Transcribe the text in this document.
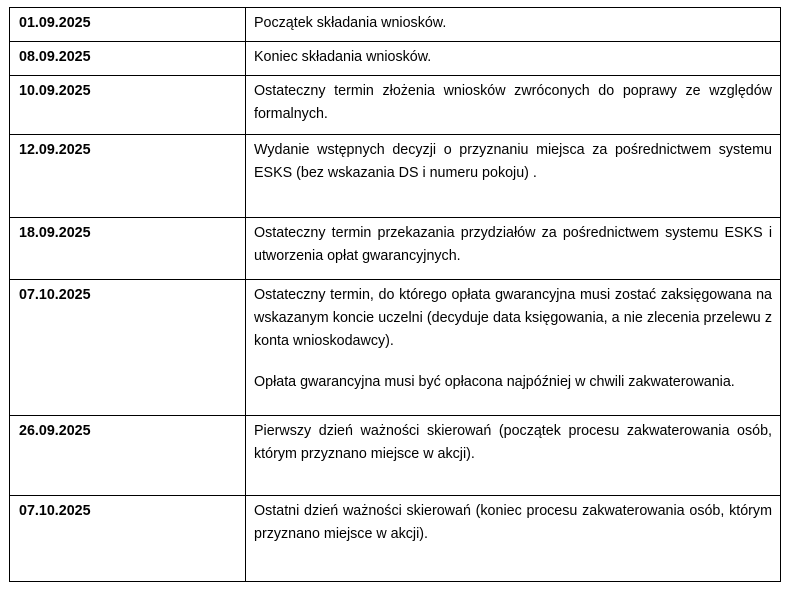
01.09.2025	Początek składania wniosków.

08.09.2025	Koniec składania wniosków.

10.09.2025	Ostateczny termin złożenia wniosków zwróconych do poprawy ze względów formalnych.

12.09.2025	Wydanie wstępnych decyzji o przyznaniu miejsca za pośrednictwem systemu ESKS (bez wskazania DS i numeru pokoju) .

18.09.2025	Ostateczny termin przekazania przydziałów za pośrednictwem systemu ESKS i utworzenia opłat gwarancyjnych.

07.10.2025	Ostateczny termin, do którego opłata gwarancyjna musi zostać zaksięgowana na wskazanym koncie uczelni (decyduje data księgowania, a nie zlecenia przelewu z konta wnioskodawcy).

Opłata gwarancyjna musi być opłacona najpóźniej w chwili zakwaterowania.

26.09.2025	Pierwszy dzień ważności skierowań (początek procesu zakwaterowania osób, którym przyznano miejsce w akcji).

07.10.2025	Ostatni dzień ważności skierowań (koniec procesu zakwaterowania osób, którym przyznano miejsce w akcji).
